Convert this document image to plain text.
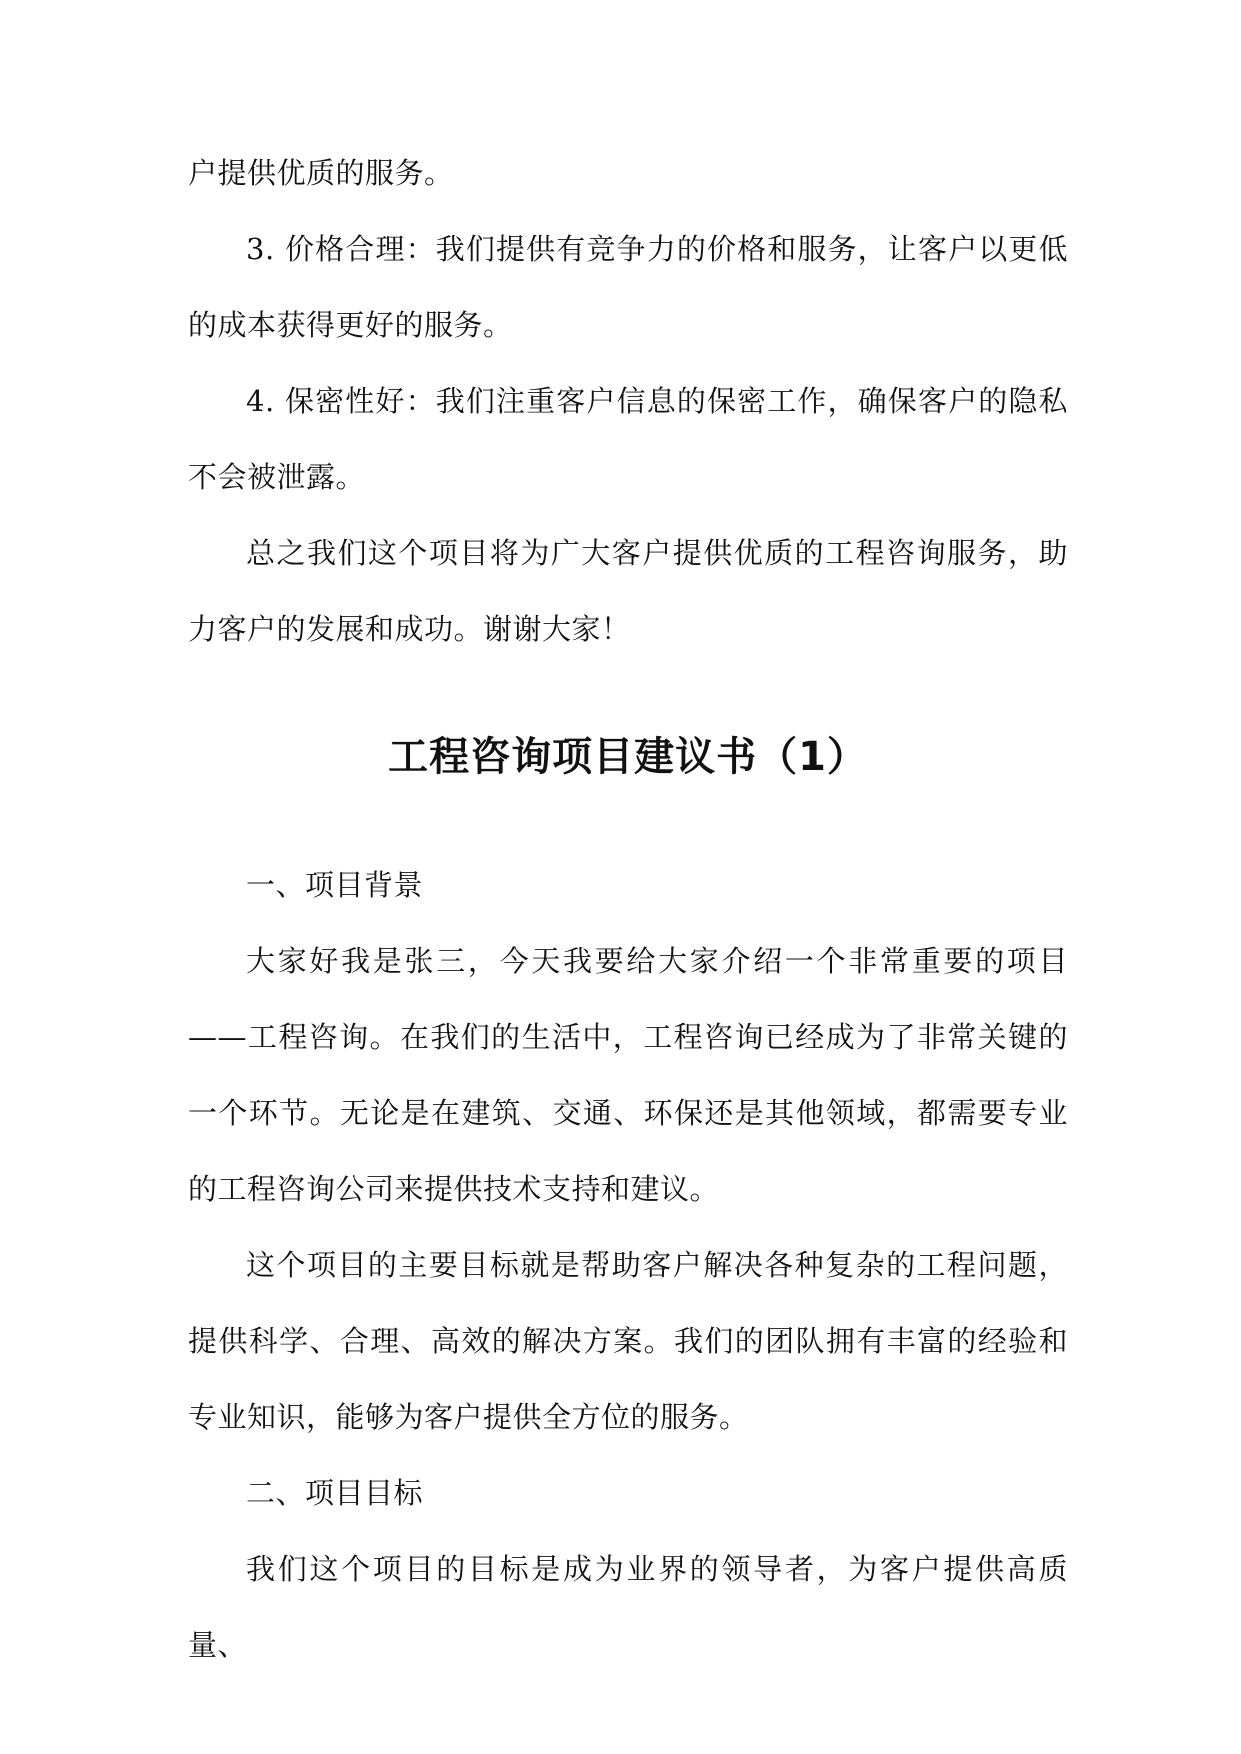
户提供优质的服务。

3. 价格合理：我们提供有竞争力的价格和服务，让客户以更低的成本获得更好的服务。

4. 保密性好：我们注重客户信息的保密工作，确保客户的隐私不会被泄露。

总之我们这个项目将为广大客户提供优质的工程咨询服务，助力客户的发展和成功。谢谢大家！

工程咨询项目建议书（1）

一、项目背景

大家好我是张三，今天我要给大家介绍一个非常重要的项目——工程咨询。在我们的生活中，工程咨询已经成为了非常关键的一个环节。无论是在建筑、交通、环保还是其他领域，都需要专业的工程咨询公司来提供技术支持和建议。

这个项目的主要目标就是帮助客户解决各种复杂的工程问题，提供科学、合理、高效的解决方案。我们的团队拥有丰富的经验和专业知识，能够为客户提供全方位的服务。

二、项目目标

我们这个项目的目标是成为业界的领导者，为客户提供高质量、
